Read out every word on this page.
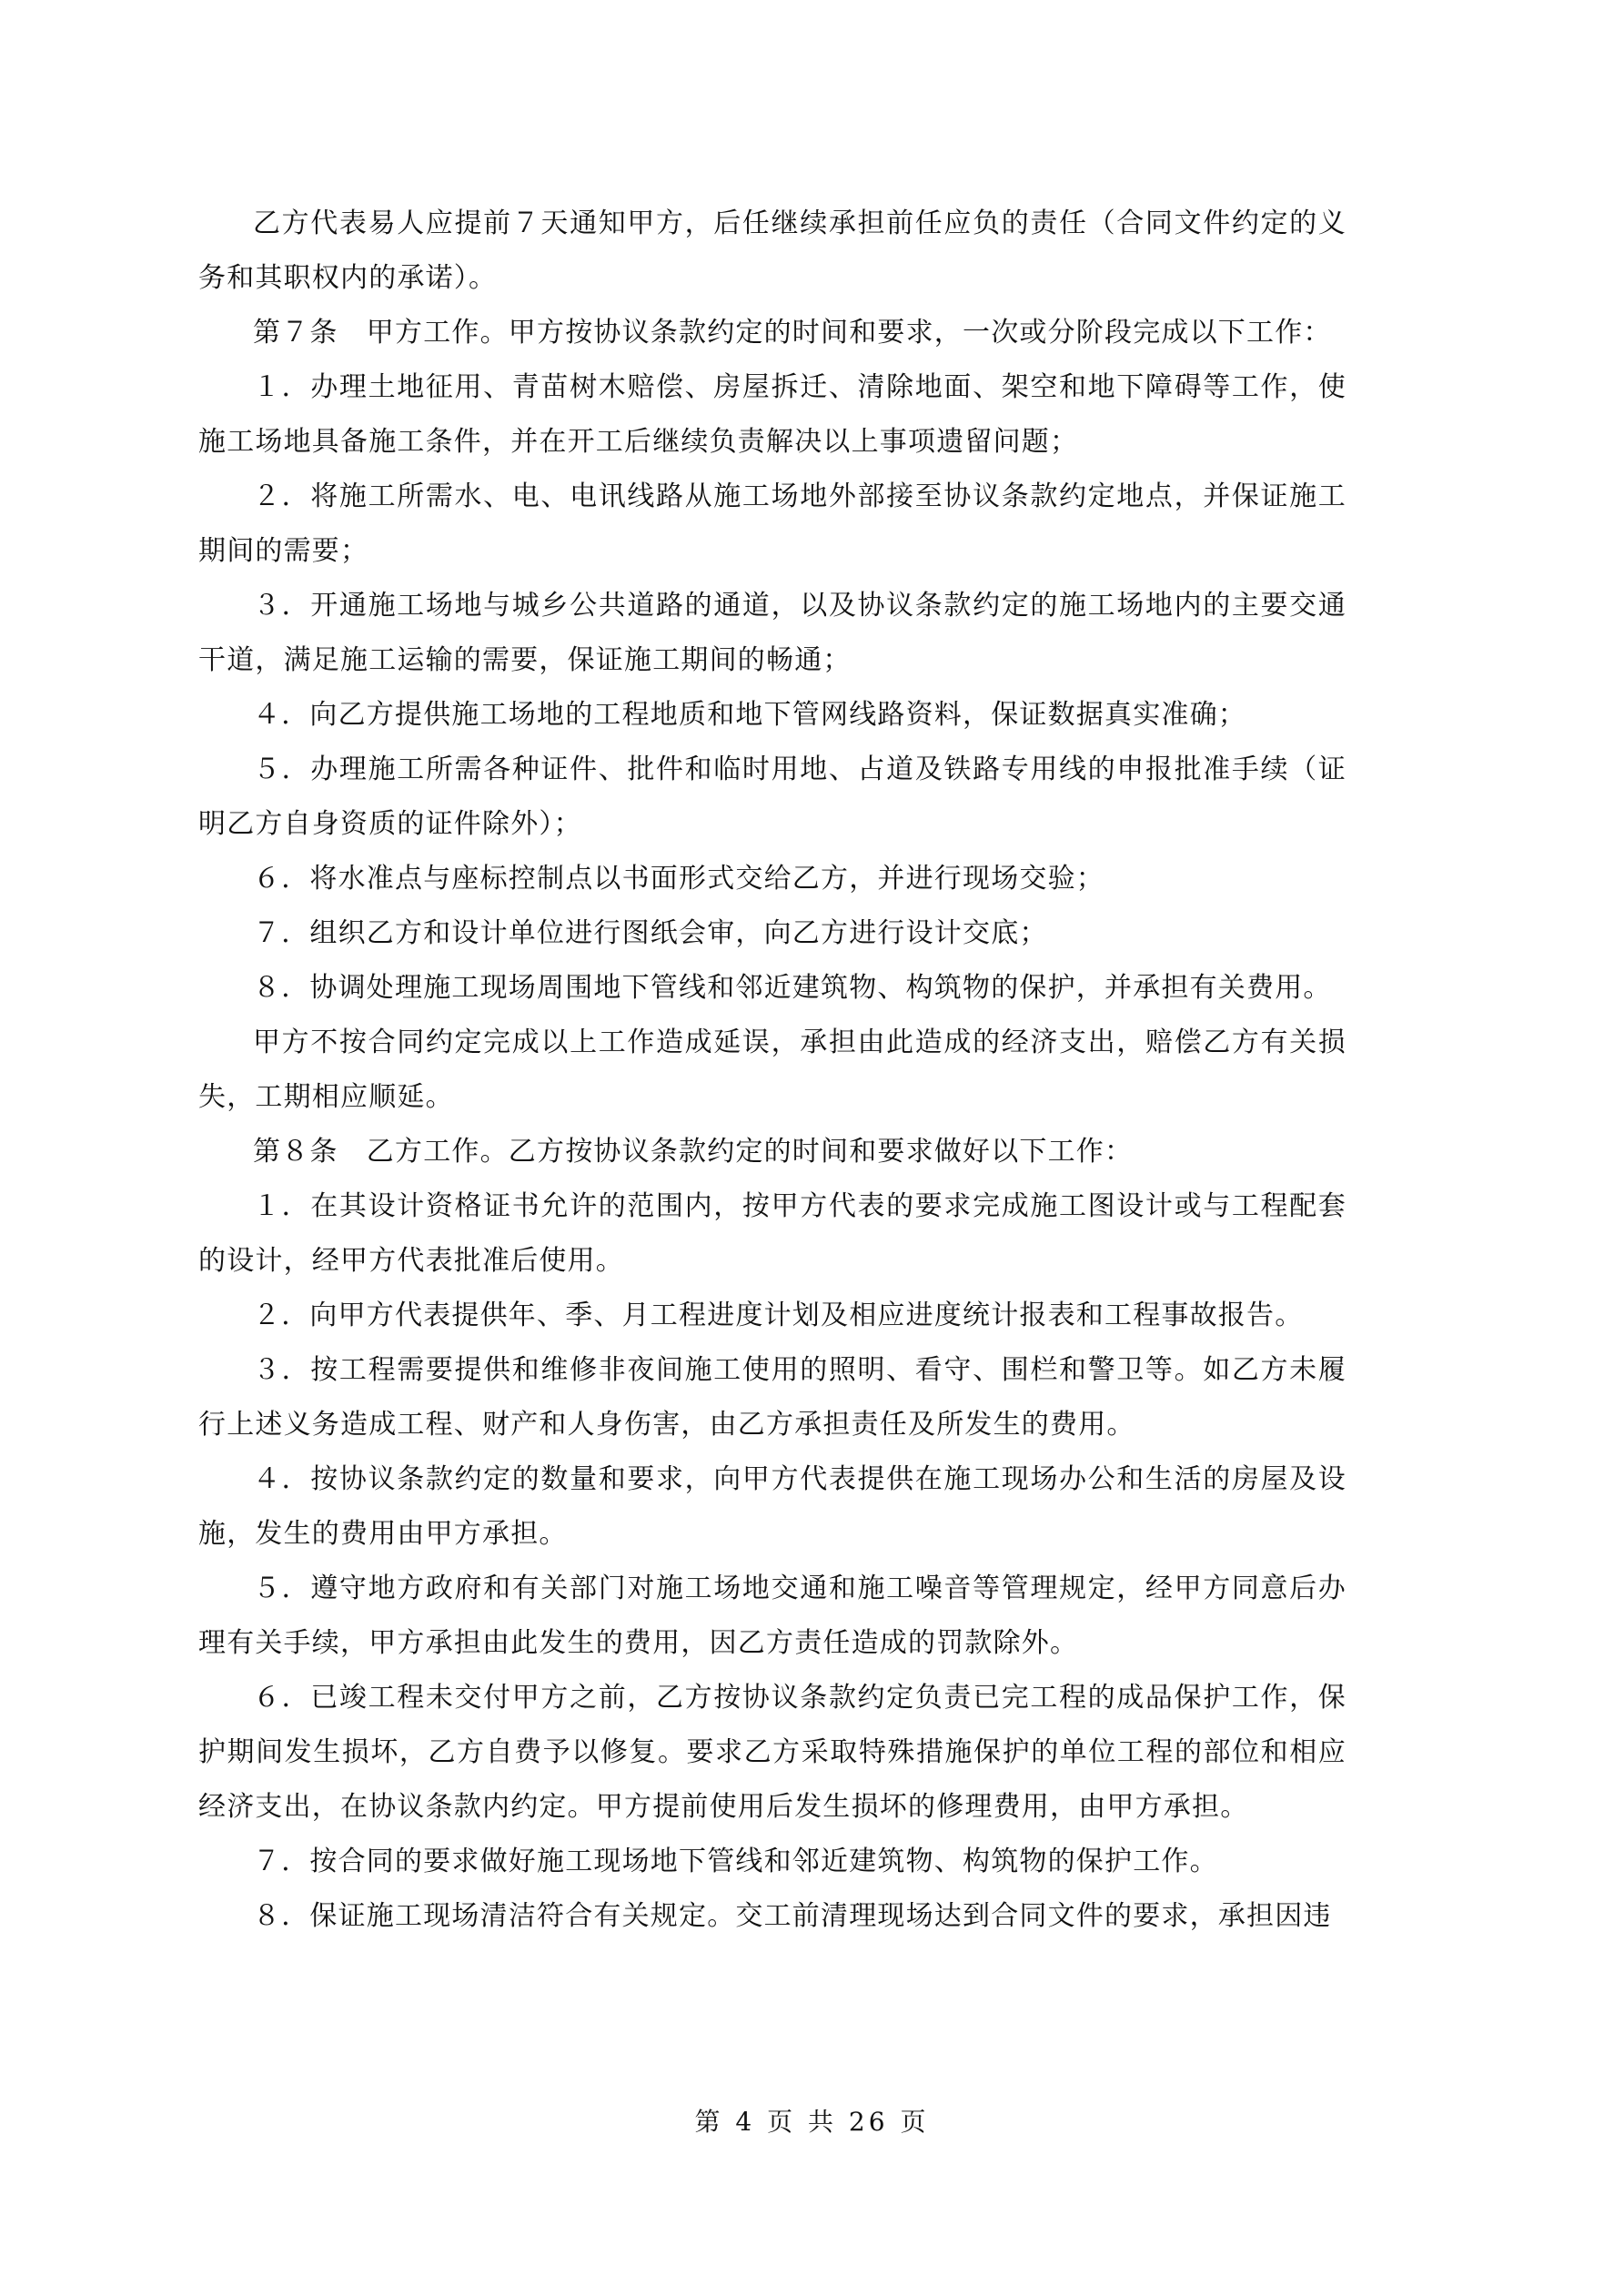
乙方代表易人应提前７天通知甲方，后任继续承担前任应负的责任（合同文件约定的义务和其职权内的承诺）。

第７条　甲方工作。甲方按协议条款约定的时间和要求，一次或分阶段完成以下工作：

１．办理土地征用、青苗树木赔偿、房屋拆迁、清除地面、架空和地下障碍等工作，使施工场地具备施工条件，并在开工后继续负责解决以上事项遗留问题；

２．将施工所需水、电、电讯线路从施工场地外部接至协议条款约定地点，并保证施工期间的需要；

３．开通施工场地与城乡公共道路的通道，以及协议条款约定的施工场地内的主要交通干道，满足施工运输的需要，保证施工期间的畅通；

４．向乙方提供施工场地的工程地质和地下管网线路资料，保证数据真实准确；

５．办理施工所需各种证件、批件和临时用地、占道及铁路专用线的申报批准手续（证明乙方自身资质的证件除外）；

６．将水准点与座标控制点以书面形式交给乙方，并进行现场交验；

７．组织乙方和设计单位进行图纸会审，向乙方进行设计交底；

８．协调处理施工现场周围地下管线和邻近建筑物、构筑物的保护，并承担有关费用。

甲方不按合同约定完成以上工作造成延误，承担由此造成的经济支出，赔偿乙方有关损失，工期相应顺延。

第８条　乙方工作。乙方按协议条款约定的时间和要求做好以下工作：

１．在其设计资格证书允许的范围内，按甲方代表的要求完成施工图设计或与工程配套的设计，经甲方代表批准后使用。

２．向甲方代表提供年、季、月工程进度计划及相应进度统计报表和工程事故报告。

３．按工程需要提供和维修非夜间施工使用的照明、看守、围栏和警卫等。如乙方未履行上述义务造成工程、财产和人身伤害，由乙方承担责任及所发生的费用。

４．按协议条款约定的数量和要求，向甲方代表提供在施工现场办公和生活的房屋及设施，发生的费用由甲方承担。

５．遵守地方政府和有关部门对施工场地交通和施工噪音等管理规定，经甲方同意后办理有关手续，甲方承担由此发生的费用，因乙方责任造成的罚款除外。

６．已竣工程未交付甲方之前，乙方按协议条款约定负责已完工程的成品保护工作，保护期间发生损坏，乙方自费予以修复。要求乙方采取特殊措施保护的单位工程的部位和相应经济支出，在协议条款内约定。甲方提前使用后发生损坏的修理费用，由甲方承担。

７．按合同的要求做好施工现场地下管线和邻近建筑物、构筑物的保护工作。

８．保证施工现场清洁符合有关规定。交工前清理现场达到合同文件的要求，承担因违

第 4 页 共 26 页
